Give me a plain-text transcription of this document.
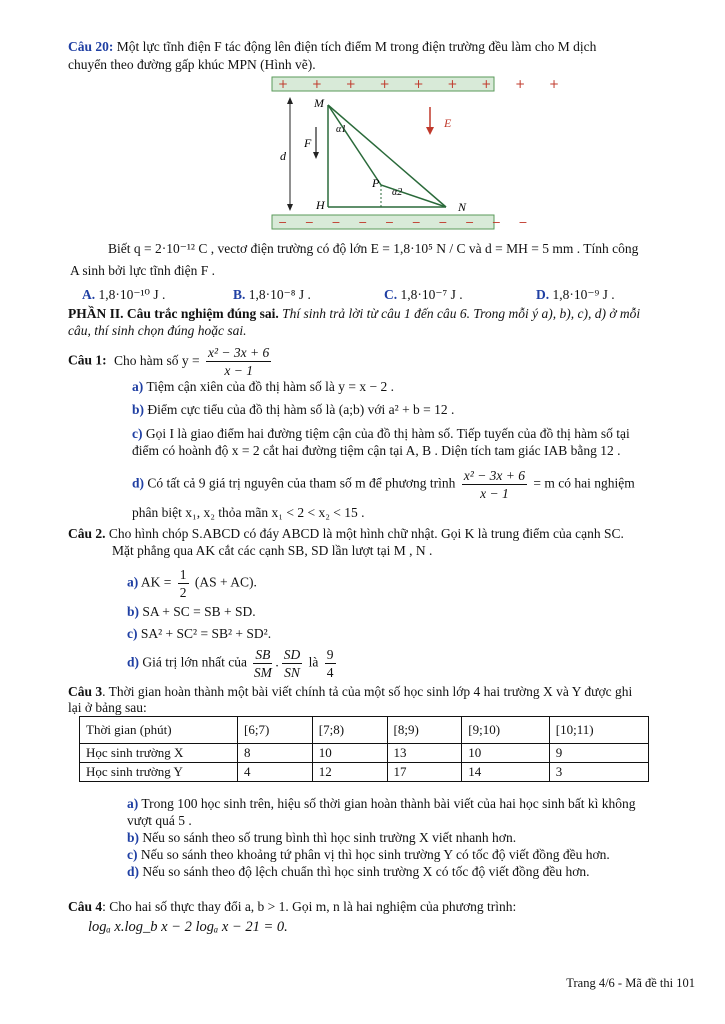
Câu 20: Một lực tĩnh điện F tác động lên điện tích điểm M trong điện trường đều làm cho M dịch
chuyển theo đường gấp khúc MPN (Hình vẽ).
+ + + + + + + + +
− − − − − − − − − −
M
F
d
H
P
N
E
α1
α2
Biết q = 2·10⁻¹² C , vectơ điện trường có độ lớn E = 1,8·10⁵ N / C và d = MH = 5 mm . Tính công
A sinh bởi lực tĩnh điện F .
A. 1,8·10⁻¹⁰ J .	B. 1,8·10⁻⁸ J .	C. 1,8·10⁻⁷ J .	D. 1,8·10⁻⁹ J .
PHẦN II. Câu trắc nghiệm đúng sai. Thí sinh trả lời từ câu 1 đến câu 6. Trong mỗi ý a), b), c), d) ở mỗi
câu, thí sinh chọn đúng hoặc sai.
Câu 1: Cho hàm số $y = \frac{\text{x² − 3x + 6}}{x - 1}$
a) Tiệm cận xiên của đồ thị hàm số là y = x − 2 .
b) Điểm cực tiểu của đồ thị hàm số là (a;b) với a² + b = 12 .
c) Gọi I là giao điểm hai đường tiệm cận của đồ thị hàm số. Tiếp tuyến của đồ thị hàm số tại
điểm có hoành độ x = 2 cắt hai đường tiệm cận tại A, B . Diện tích tam giác IAB bằng 12 .
d) Có tất cả 9 giá trị nguyên của tham số m để phương trình $\frac{\text{x² − 3x + 6}}{x - 1} = m$ có hai nghiệm
phân biệt x₁, x₂ thỏa mãn x₁ < 2 < x₂ < 15 .
Câu 2. Cho hình chóp S.ABCD có đáy ABCD là một hình chữ nhật. Gọi K là trung điểm của cạnh SC.
Mặt phẳng qua AK cắt các cạnh SB, SD lần lượt tại M , N .
a) AK = $\frac{1}{2} (AS + AC)$.
b) SA + SC = SB + SD.
c) SA² + SC² = SB² + SD².
d) Giá trị lớn nhất của $\frac{SB}{SM}$ . $\frac{SD}{SN}$ là $\frac{9}{4}$
Câu 3. Thời gian hoàn thành một bài viết chính tả của một số học sinh lớp 4 hai trường X và Y được ghi
lại ở bảng sau:
Thời gian (phút)	[6;7)	[7;8)	[8;9)	[9;10)	[10;11)
Học sinh trường X	8	10	13	10	9
Học sinh trường Y	4	12	17	14	3
a) Trong 100 học sinh trên, hiệu số thời gian hoàn thành bài viết của hai học sinh bất kì không
vượt quá 5 .
b) Nếu so sánh theo số trung bình thì học sinh trường X viết nhanh hơn.
c) Nếu so sánh theo khoảng tứ phân vị thì học sinh trường Y có tốc độ viết đồng đều hơn.
d) Nếu so sánh theo độ lệch chuẩn thì học sinh trường X có tốc độ viết đồng đều hơn.
Câu 4: Cho hai số thực thay đổi a, b > 1. Gọi m, n là hai nghiệm của phương trình:
logₐ x.log_b x − 2 logₐ x − 21 = 0.
Trang 4/6 - Mã đề thi 101
